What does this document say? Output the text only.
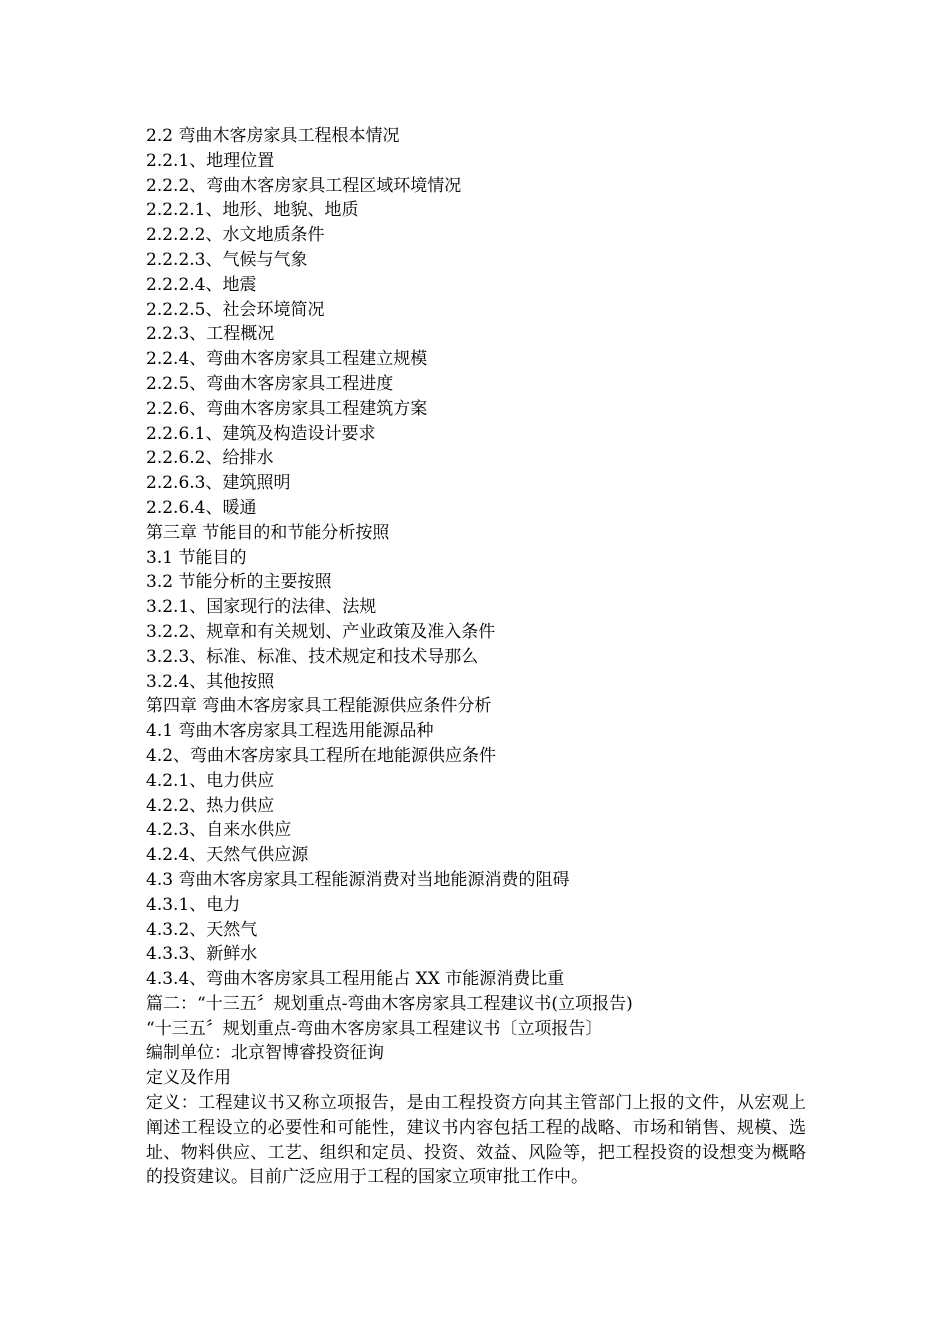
2.2 弯曲木客房家具工程根本情况
2.2.1、地理位置
2.2.2、弯曲木客房家具工程区域环境情况
2.2.2.1、地形、地貌、地质
2.2.2.2、水文地质条件
2.2.2.3、气候与气象
2.2.2.4、地震
2.2.2.5、社会环境简况
2.2.3、工程概况
2.2.4、弯曲木客房家具工程建立规模
2.2.5、弯曲木客房家具工程进度
2.2.6、弯曲木客房家具工程建筑方案
2.2.6.1、建筑及构造设计要求
2.2.6.2、给排水
2.2.6.3、建筑照明
2.2.6.4、暖通
第三章 节能目的和节能分析按照
3.1 节能目的
3.2 节能分析的主要按照
3.2.1、国家现行的法律、法规
3.2.2、规章和有关规划、产业政策及准入条件
3.2.3、标准、标准、技术规定和技术导那么
3.2.4、其他按照
第四章 弯曲木客房家具工程能源供应条件分析
4.1 弯曲木客房家具工程选用能源品种
4.2、弯曲木客房家具工程所在地能源供应条件
4.2.1、电力供应
4.2.2、热力供应
4.2.3、自来水供应
4.2.4、天然气供应源
4.3 弯曲木客房家具工程能源消费对当地能源消费的阻碍
4.3.1、电力
4.3.2、天然气
4.3.3、新鲜水
4.3.4、弯曲木客房家具工程用能占 XX 市能源消费比重
篇二：“十三五〞规划重点-弯曲木客房家具工程建议书(立项报告)
“十三五〞规划重点-弯曲木客房家具工程建议书〔立项报告〕
编制单位：北京智博睿投资征询
定义及作用
定义：工程建议书又称立项报告，是由工程投资方向其主管部门上报的文件，从宏观上阐述工程设立的必要性和可能性，建议书内容包括工程的战略、市场和销售、规模、选址、物料供应、工艺、组织和定员、投资、效益、风险等，把工程投资的设想变为概略的投资建议。目前广泛应用于工程的国家立项审批工作中。
